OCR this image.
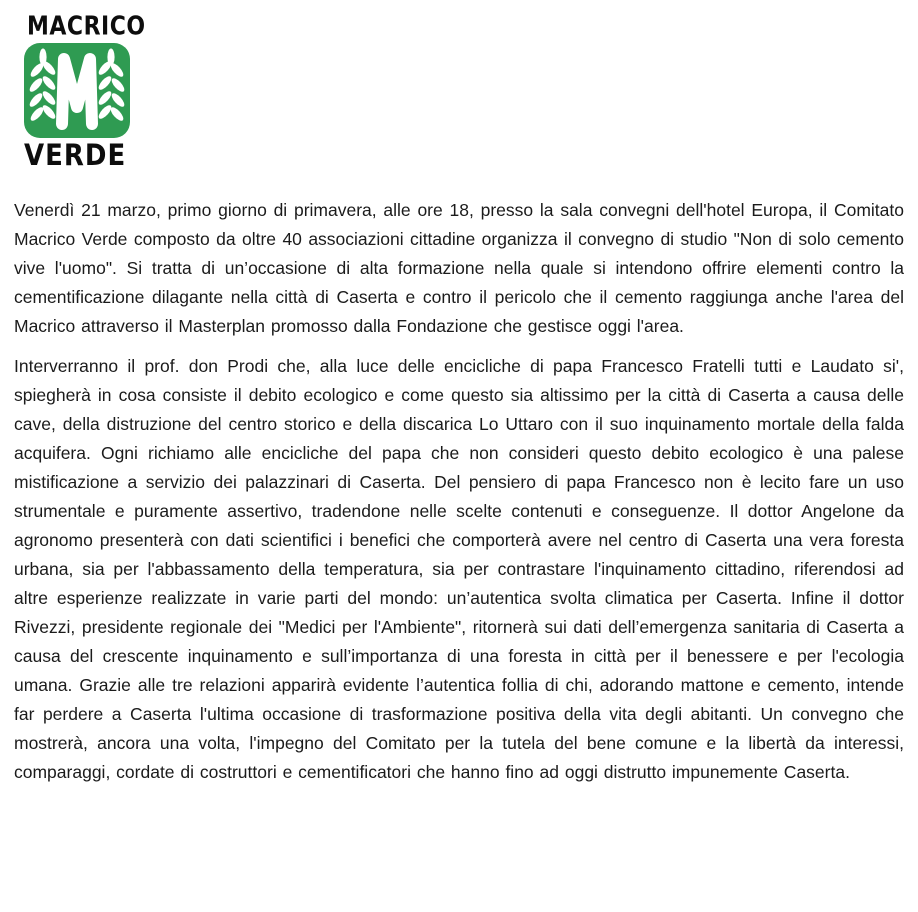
MACRICO
VERDE

Venerdì 21 marzo, primo giorno di primavera, alle ore 18, presso la sala convegni dell'hotel Europa, il Comitato Macrico Verde composto da oltre 40 associazioni cittadine organizza il convegno di studio "Non di solo cemento vive l'uomo". Si tratta di un’occasione di alta formazione nella quale si intendono offrire elementi contro la cementificazione dilagante nella città di Caserta e contro il pericolo che il cemento raggiunga anche l'area del Macrico attraverso il Masterplan promosso dalla Fondazione che gestisce oggi l'area.

Interverranno il prof. don Prodi che, alla luce delle encicliche di papa Francesco Fratelli tutti e Laudato si', spiegherà in cosa consiste il debito ecologico e come questo sia altissimo per la città di Caserta a causa delle cave, della distruzione del centro storico e della discarica Lo Uttaro con il suo inquinamento mortale della falda acquifera. Ogni richiamo alle encicliche del papa che non consideri questo debito ecologico è una palese mistificazione a servizio dei palazzinari di Caserta. Del pensiero di papa Francesco non è lecito fare un uso strumentale e puramente assertivo, tradendone nelle scelte contenuti e conseguenze. Il dottor Angelone da agronomo presenterà con dati scientifici i benefici che comporterà avere nel centro di Caserta una vera foresta urbana, sia per l'abbassamento della temperatura, sia per contrastare l'inquinamento cittadino, riferendosi ad altre esperienze realizzate in varie parti del mondo: un’autentica svolta climatica per Caserta. Infine il dottor Rivezzi, presidente regionale dei "Medici per l'Ambiente", ritornerà sui dati dell’emergenza sanitaria di Caserta a causa del crescente inquinamento e sull’importanza di una foresta in città per il benessere e per l'ecologia umana. Grazie alle tre relazioni apparirà evidente l’autentica follia di chi, adorando mattone e cemento, intende far perdere a Caserta l'ultima occasione di trasformazione positiva della vita degli abitanti. Un convegno che mostrerà, ancora una volta, l'impegno del Comitato per la tutela del bene comune e la libertà da interessi, comparaggi, cordate di costruttori e cementificatori che hanno fino ad oggi distrutto impunemente Caserta.
